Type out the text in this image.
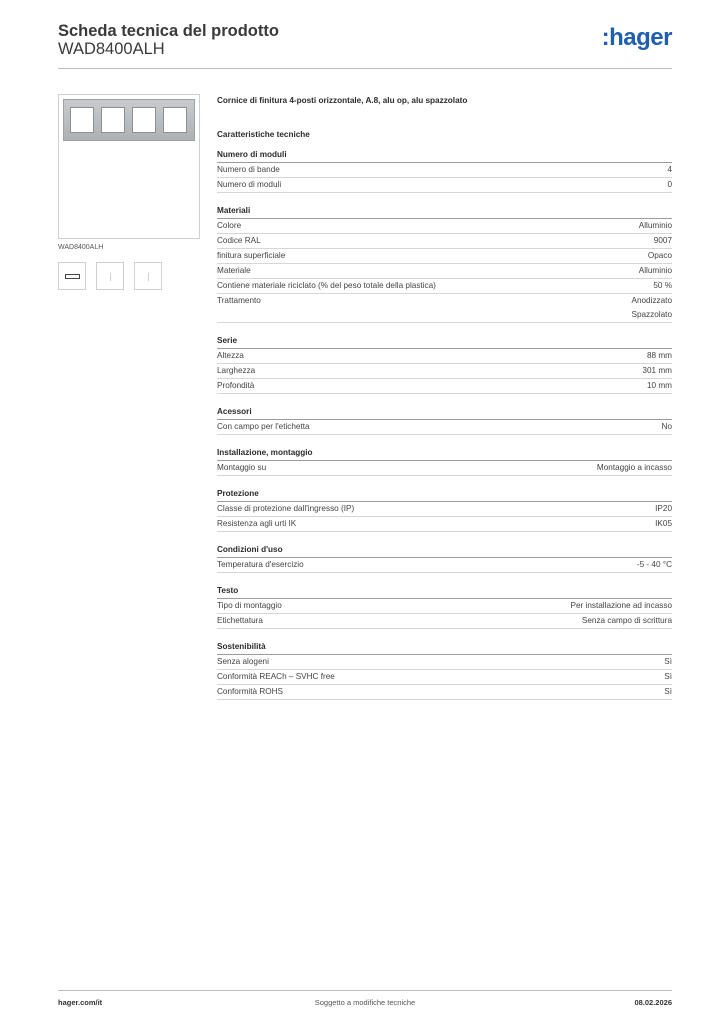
Scheda tecnica del prodotto
WAD8400ALH	:hager
WAD8400ALH
Cornice di finitura 4-posti orizzontale, A.8, alu op, alu spazzolato
Caratteristiche tecniche
Numero di moduli
Numero di bande	4
Numero di moduli	0
Materiali
Colore	Alluminio
Codice RAL	9007
finitura superficiale	Opaco
Materiale	Alluminio
Contiene materiale riciclato (% del peso totale della plastica)	50 %
Trattamento	Anodizzato
Spazzolato
Serie
Altezza	88 mm
Larghezza	301 mm
Profondità	10 mm
Acessori
Con campo per l'etichetta	No
Installazione, montaggio
Montaggio su	Montaggio a incasso
Protezione
Classe di protezione dall'ingresso (IP)	IP20
Resistenza agli urti IK	IK05
Condizioni d'uso
Temperatura d'esercizio	-5 - 40 °C
Testo
Tipo di montaggio	Per installazione ad incasso
Etichettatura	Senza campo di scrittura
Sostenibilità
Senza alogeni	Sì
Conformità REACh – SVHC free	Sì
Conformità ROHS	Sì
Soggetto a modifiche tecniche
hager.com/it	08.02.2026
